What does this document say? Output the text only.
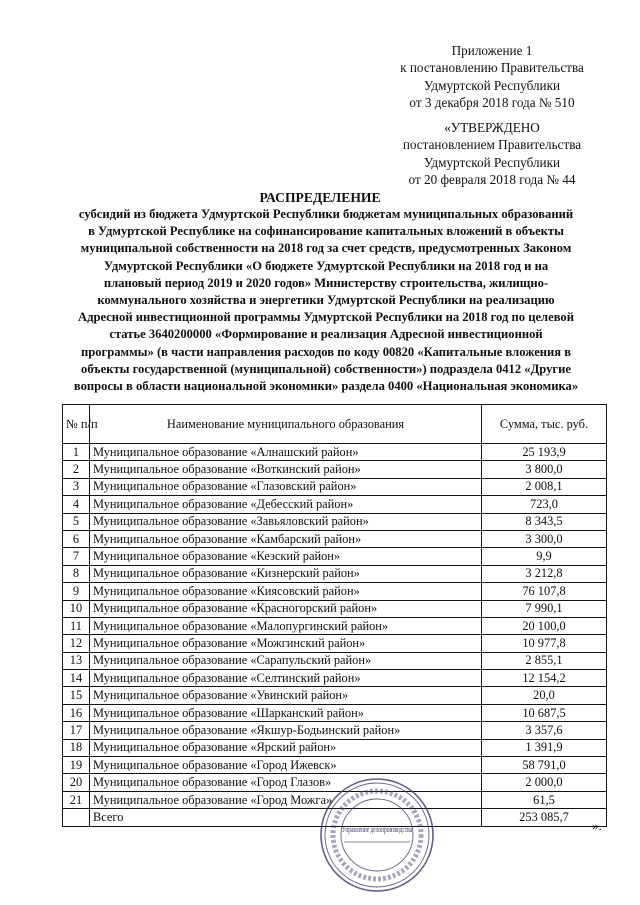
Приложение 1
к постановлению Правительства
Удмуртской Республики
от 3 декабря 2018 года № 510
«УТВЕРЖДЕНО
постановлением Правительства
Удмуртской Республики
от 20 февраля 2018 года № 44
РАСПРЕДЕЛЕНИЕ
субсидий из бюджета Удмуртской Республики бюджетам муниципальных образований
в Удмуртской Республике на софинансирование капитальных вложений в объекты
муниципальной собственности на 2018 год за счет средств, предусмотренных Законом
Удмуртской Республики «О бюджете Удмуртской Республики на 2018 год и на
плановый период 2019 и 2020 годов» Министерству строительства, жилищно-
коммунального хозяйства и энергетики Удмуртской Республики на реализацию
Адресной инвестиционной программы Удмуртской Республики на 2018 год по целевой
статье 3640200000 «Формирование и реализация Адресной инвестиционной
программы» (в части направления расходов по коду 00820 «Капитальные вложения в
объекты государственной (муниципальной) собственности») подраздела 0412 «Другие
вопросы в области национальной экономики» раздела 0400 «Национальная экономика»
№ п/п	Наименование муниципального образования	Сумма, тыс. руб.
1	Муниципальное образование «Алнашский район»	25 193,9
2	Муниципальное образование «Воткинский район»	3 800,0
3	Муниципальное образование «Глазовский район»	2 008,1
4	Муниципальное образование «Дебесский район»	723,0
5	Муниципальное образование «Завьяловский район»	8 343,5
6	Муниципальное образование «Камбарский район»	3 300,0
7	Муниципальное образование «Кезский район»	9,9
8	Муниципальное образование «Кизнерский район»	3 212,8
9	Муниципальное образование «Киясовский район»	76 107,8
10	Муниципальное образование «Красногорский район»	7 990,1
11	Муниципальное образование «Малопургинский район»	20 100,0
12	Муниципальное образование «Можгинский район»	10 977,8
13	Муниципальное образование «Сарапульский район»	2 855,1
14	Муниципальное образование «Селтинский район»	12 154,2
15	Муниципальное образование «Увинский район»	20,0
16	Муниципальное образование «Шарканский район»	10 687,5
17	Муниципальное образование «Якшур-Бодьинский район»	3 357,6
18	Муниципальное образование «Ярский район»	1 391,9
19	Муниципальное образование «Город Ижевск»	58 791,0
20	Муниципальное образование «Город Глазов»	2 000,0
21	Муниципальное образование «Город Можга»	61,5
	Всего	253 085,7
».
Управление делопроизводства
